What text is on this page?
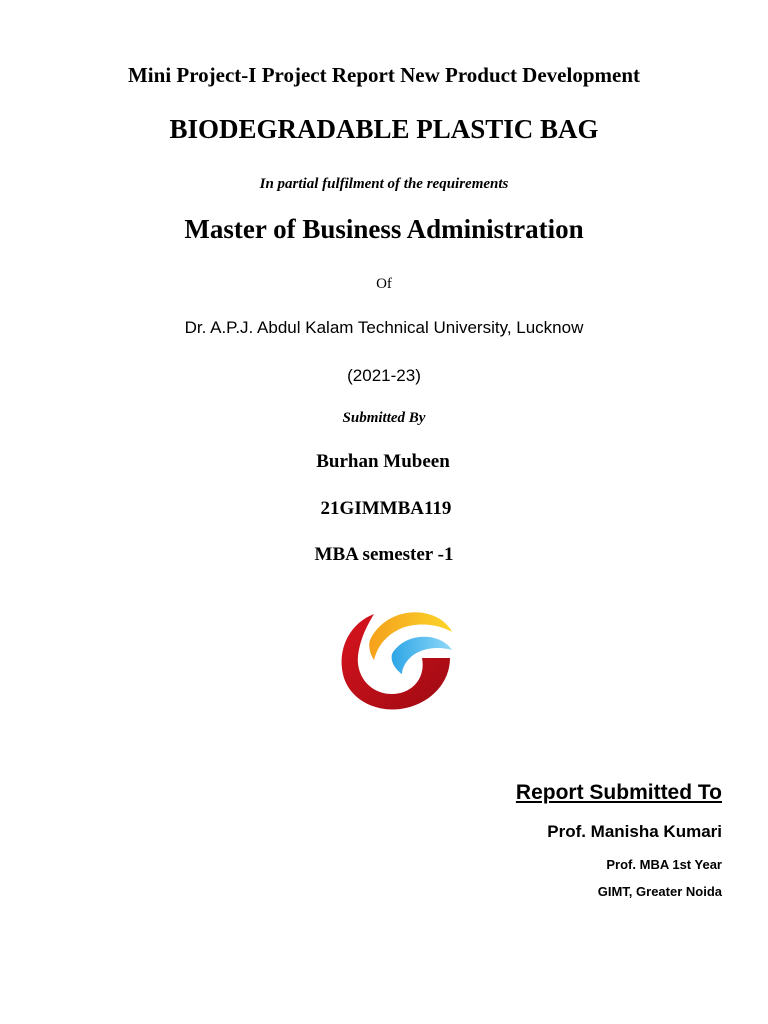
Mini Project-I Project Report New Product Development
BIODEGRADABLE PLASTIC BAG
In partial fulfilment of the requirements
Master of Business Administration
Of
Dr. A.P.J. Abdul Kalam Technical University, Lucknow
(2021-23)
Submitted By
Burhan Mubeen
21GIMMBA119
MBA semester -1
Report Submitted To
Prof. Manisha Kumari
Prof. MBA 1st Year
GIMT, Greater Noida
